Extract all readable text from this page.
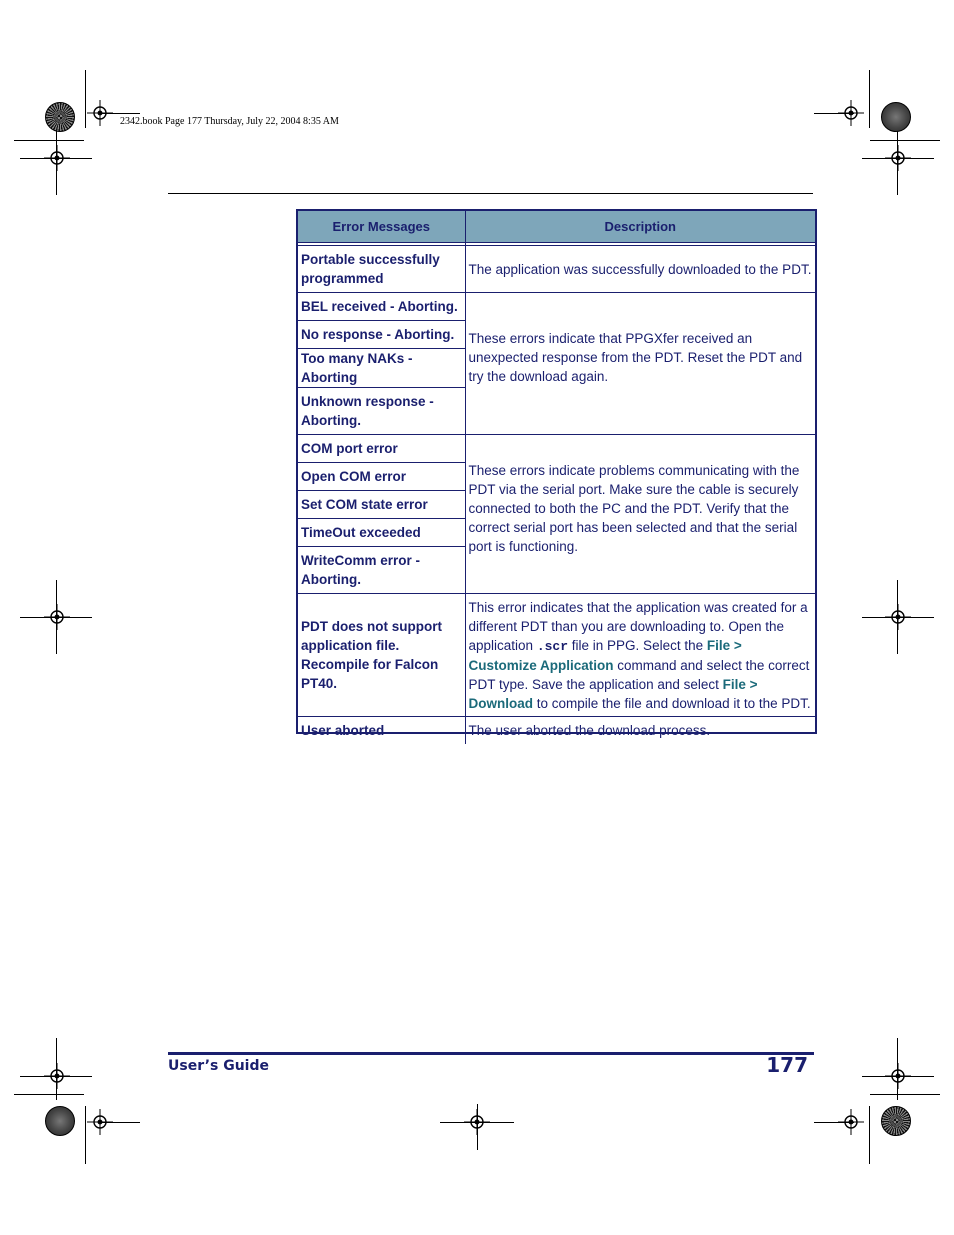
2342.book Page 177 Thursday, July 22, 2004 8:35 AM
Error Messages	Description

Portable successfully programmed	The application was successfully downloaded to the PDT.
BEL received - Aborting.	These errors indicate that PPGXfer received an unexpected response from the PDT. Reset the PDT and try the download again.
No response - Aborting.	
Too many NAKs - Aborting	
Unknown response - Aborting.	
COM port error	These errors indicate problems communicating with the PDT via the serial port. Make sure the cable is securely connected to both the PC and the PDT. Verify that the correct serial port has been selected and that the serial port is functioning.
Open COM error	
Set COM state error	
TimeOut exceeded	
WriteComm error - Aborting.	
PDT does not support application file. Recompile for Falcon PT40.	This error indicates that the application was created for a different PDT than you are downloading to. Open the application .scr file in PPG. Select the File > Customize Application command and select the correct PDT type. Save the application and select File > Download to compile the file and download it to the PDT.
User aborted	The user aborted the download process.
User’s Guide	177
